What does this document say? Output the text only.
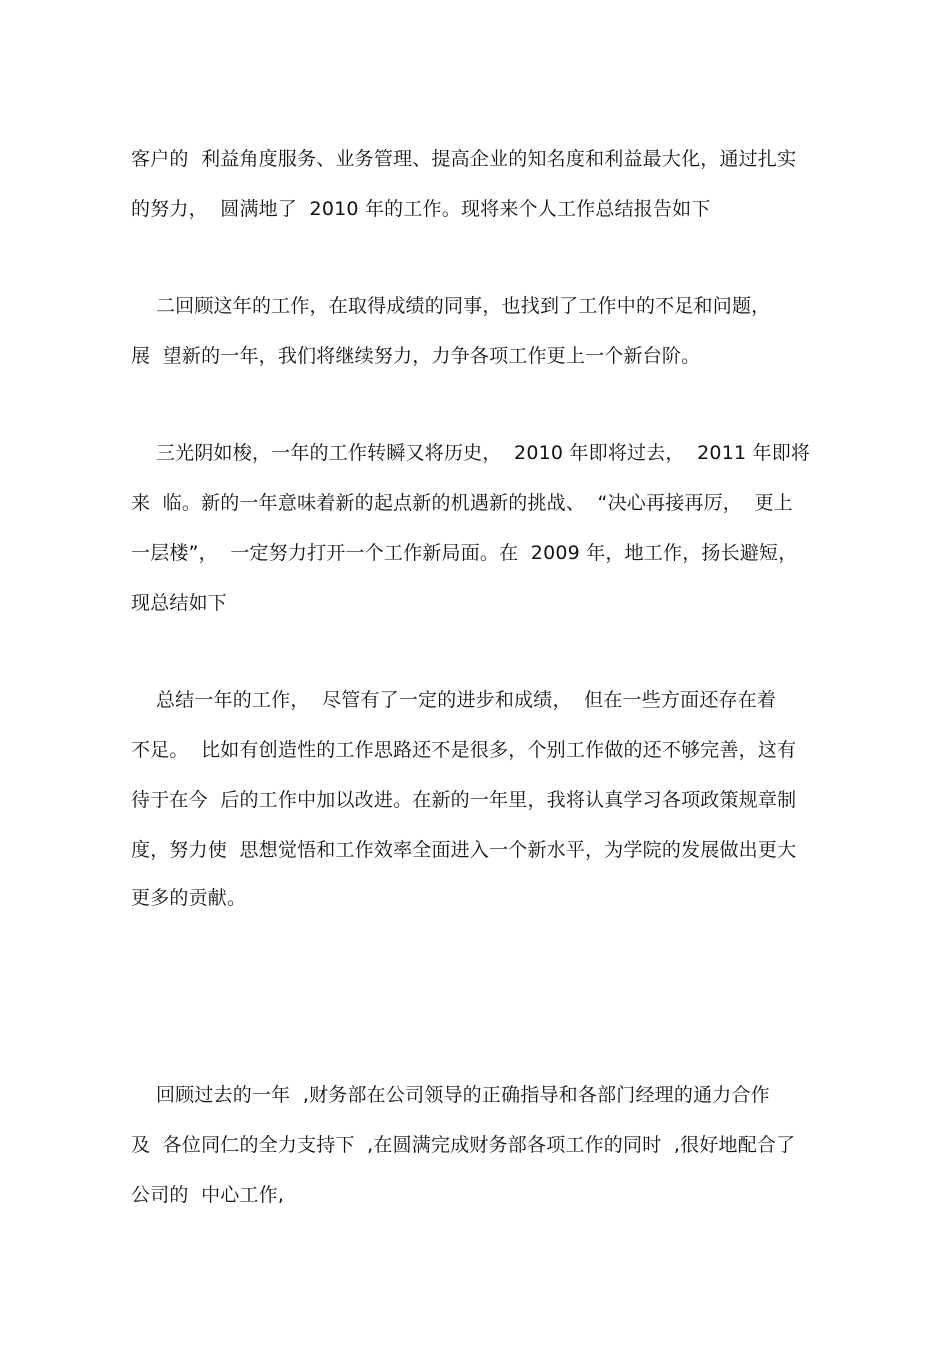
客户的  利益角度服务、业务管理、提高企业的知名度和利益最大化，通过扎实
的努力，  圆满地了  2010 年的工作。现将来个人工作总结报告如下
二回顾这年的工作，在取得成绩的同事，也找到了工作中的不足和问题，
展  望新的一年，我们将继续努力，力争各项工作更上一个新台阶。
三光阴如梭，一年的工作转瞬又将历史，  2010 年即将过去，  2011 年即将
来  临。新的一年意味着新的起点新的机遇新的挑战、  “决心再接再厉，  更上
一层楼”，  一定努力打开一个工作新局面。在  2009 年，地工作，扬长避短，
现总结如下
总结一年的工作，  尽管有了一定的进步和成绩，  但在一些方面还存在着
不足。  比如有创造性的工作思路还不是很多，个别工作做的还不够完善，这有
待于在今  后的工作中加以改进。在新的一年里，我将认真学习各项政策规章制
度，努力使  思想觉悟和工作效率全面进入一个新水平，为学院的发展做出更大
更多的贡献。
回顾过去的一年  ,财务部在公司领导的正确指导和各部门经理的通力合作
及  各位同仁的全力支持下  ,在圆满完成财务部各项工作的同时  ,很好地配合了
公司的  中心工作,
